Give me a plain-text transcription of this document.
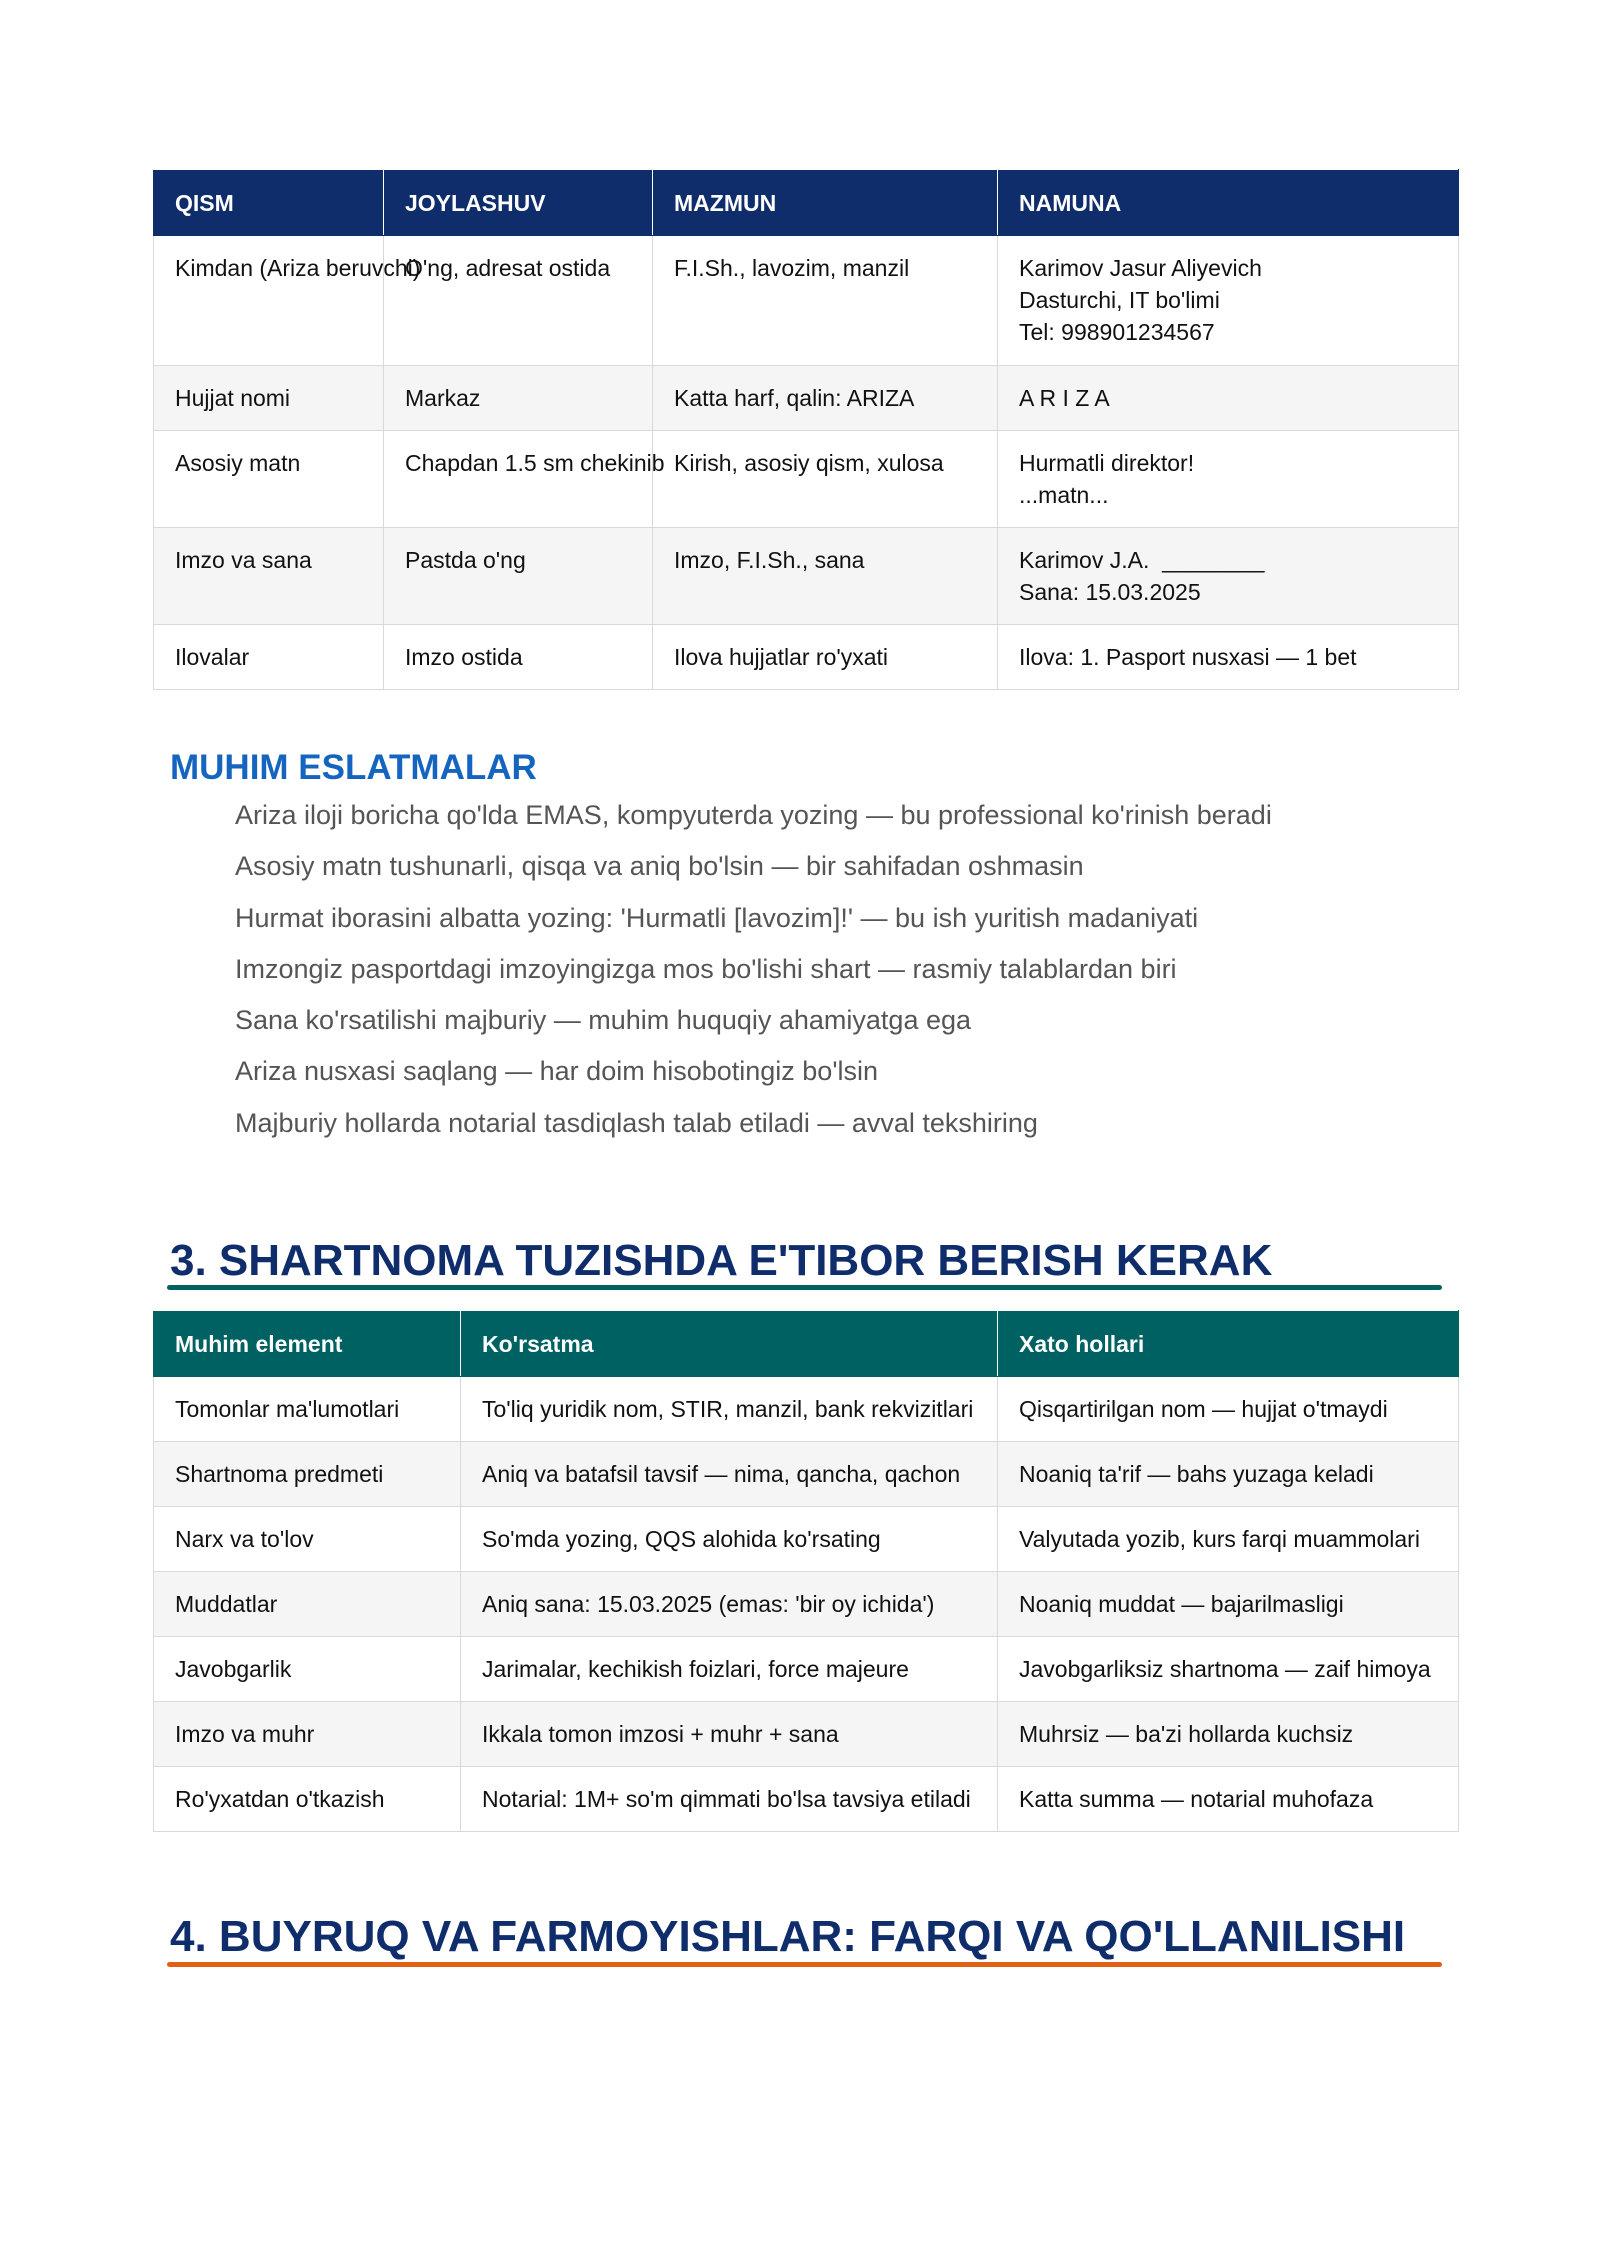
QISM	JOYLASHUV	MAZMUN	NAMUNA
Kimdan (Ariza beruvchi)	O'ng, adresat ostida	F.I.Sh., lavozim, manzil	Karimov Jasur Aliyevich
Dasturchi, IT bo'limi
Tel: 998901234567

Hujjat nomi	Markaz	Katta harf, qalin: ARIZA	A R I Z A

Asosiy matn	Chapdan 1.5 sm chekinib	Kirish, asosiy qism, xulosa	Hurmatli direktor!
...matn...

Imzo va sana	Pastda o'ng	Imzo, F.I.Sh., sana	Karimov J.A.  ________
Sana: 15.03.2025

Ilovalar	Imzo ostida	Ilova hujjatlar ro'yxati	Ilova: 1. Pasport nusxasi — 1 bet
MUHIM ESLATMALAR
Ariza iloji boricha qo'lda EMAS, kompyuterda yozing — bu professional ko'rinish beradi
Asosiy matn tushunarli, qisqa va aniq bo'lsin — bir sahifadan oshmasin
Hurmat iborasini albatta yozing: 'Hurmatli [lavozim]!' — bu ish yuritish madaniyati
Imzongiz pasportdagi imzoyingizga mos bo'lishi shart — rasmiy talablardan biri
Sana ko'rsatilishi majburiy — muhim huquqiy ahamiyatga ega
Ariza nusxasi saqlang — har doim hisobotingiz bo'lsin
Majburiy hollarda notarial tasdiqlash talab etiladi — avval tekshiring
3. SHARTNOMA TUZISHDA E'TIBOR BERISH KERAK
Muhim element	Ko'rsatma	Xato hollari
Tomonlar ma'lumotlari	To'liq yuridik nom, STIR, manzil, bank rekvizitlari	Qisqartirilgan nom — hujjat o'tmaydi
Shartnoma predmeti	Aniq va batafsil tavsif — nima, qancha, qachon	Noaniq ta'rif — bahs yuzaga keladi
Narx va to'lov	So'mda yozing, QQS alohida ko'rsating	Valyutada yozib, kurs farqi muammolari
Muddatlar	Aniq sana: 15.03.2025 (emas: 'bir oy ichida')	Noaniq muddat — bajarilmasligi
Javobgarlik	Jarimalar, kechikish foizlari, force majeure	Javobgarliksiz shartnoma — zaif himoya
Imzo va muhr	Ikkala tomon imzosi + muhr + sana	Muhrsiz — ba'zi hollarda kuchsiz
Ro'yxatdan o'tkazish	Notarial: 1M+ so'm qimmati bo'lsa tavsiya etiladi	Katta summa — notarial muhofaza
4. BUYRUQ VA FARMOYISHLAR: FARQI VA QO'LLANILISHI
